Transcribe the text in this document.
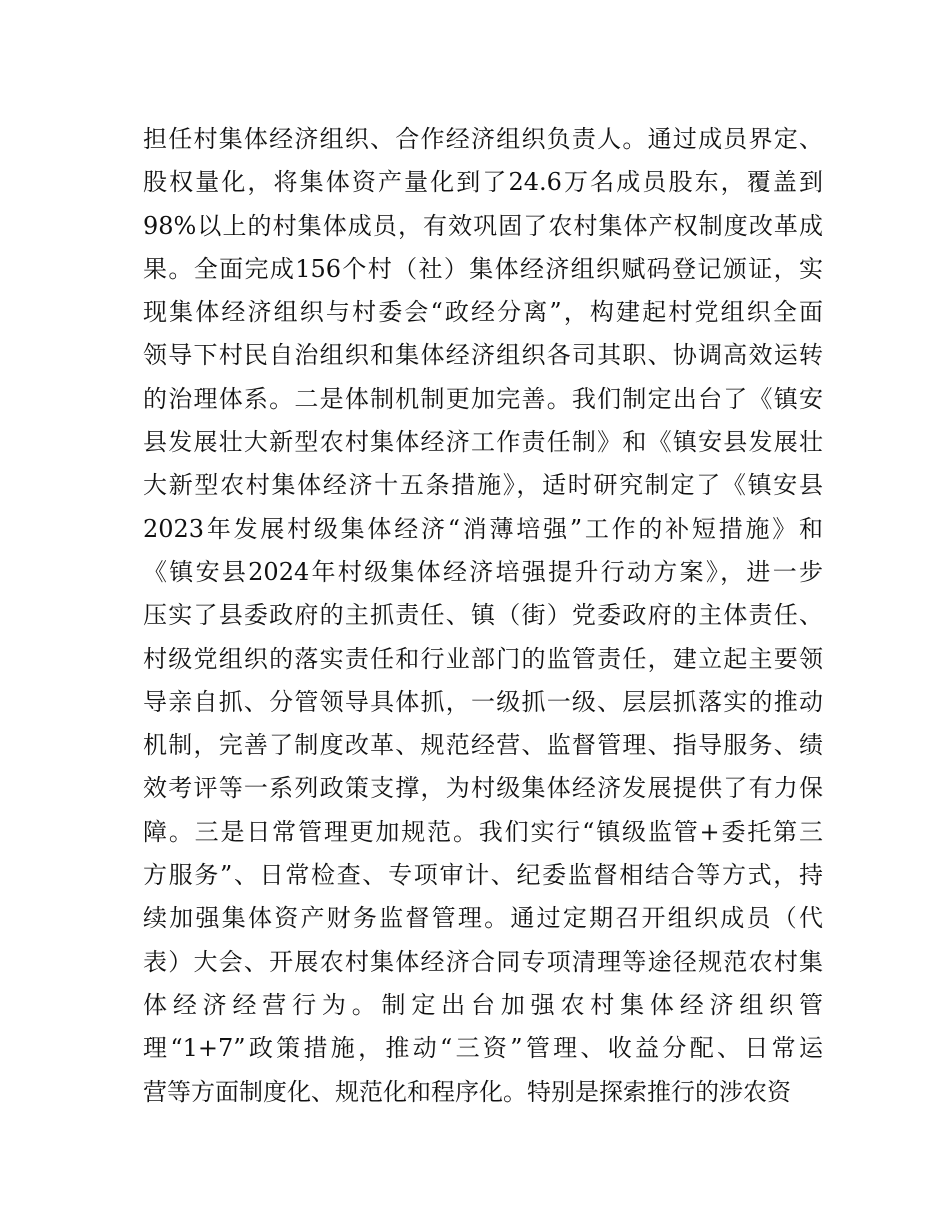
担任村集体经济组织、合作经济组织负责人。通过成员界定、
股权量化，将集体资产量化到了24.6万名成员股东，覆盖到
98%以上的村集体成员，有效巩固了农村集体产权制度改革成
果。全面完成156个村（社）集体经济组织赋码登记颁证，实
现集体经济组织与村委会“政经分离”，构建起村党组织全面
领导下村民自治组织和集体经济组织各司其职、协调高效运转
的治理体系。二是体制机制更加完善。我们制定出台了《镇安
县发展壮大新型农村集体经济工作责任制》和《镇安县发展壮
大新型农村集体经济十五条措施》，适时研究制定了《镇安县
2023年发展村级集体经济“消薄培强”工作的补短措施》和
《镇安县2024年村级集体经济培强提升行动方案》，进一步
压实了县委政府的主抓责任、镇（街）党委政府的主体责任、
村级党组织的落实责任和行业部门的监管责任，建立起主要领
导亲自抓、分管领导具体抓，一级抓一级、层层抓落实的推动
机制，完善了制度改革、规范经营、监督管理、指导服务、绩
效考评等一系列政策支撑，为村级集体经济发展提供了有力保
障。三是日常管理更加规范。我们实行“镇级监管+委托第三
方服务”、日常检查、专项审计、纪委监督相结合等方式，持
续加强集体资产财务监督管理。通过定期召开组织成员（代
表）大会、开展农村集体经济合同专项清理等途径规范农村集
体经济经营行为。制定出台加强农村集体经济组织管
理“1+7”政策措施，推动“三资”管理、收益分配、日常运
营等方面制度化、规范化和程序化。特别是探索推行的涉农资
